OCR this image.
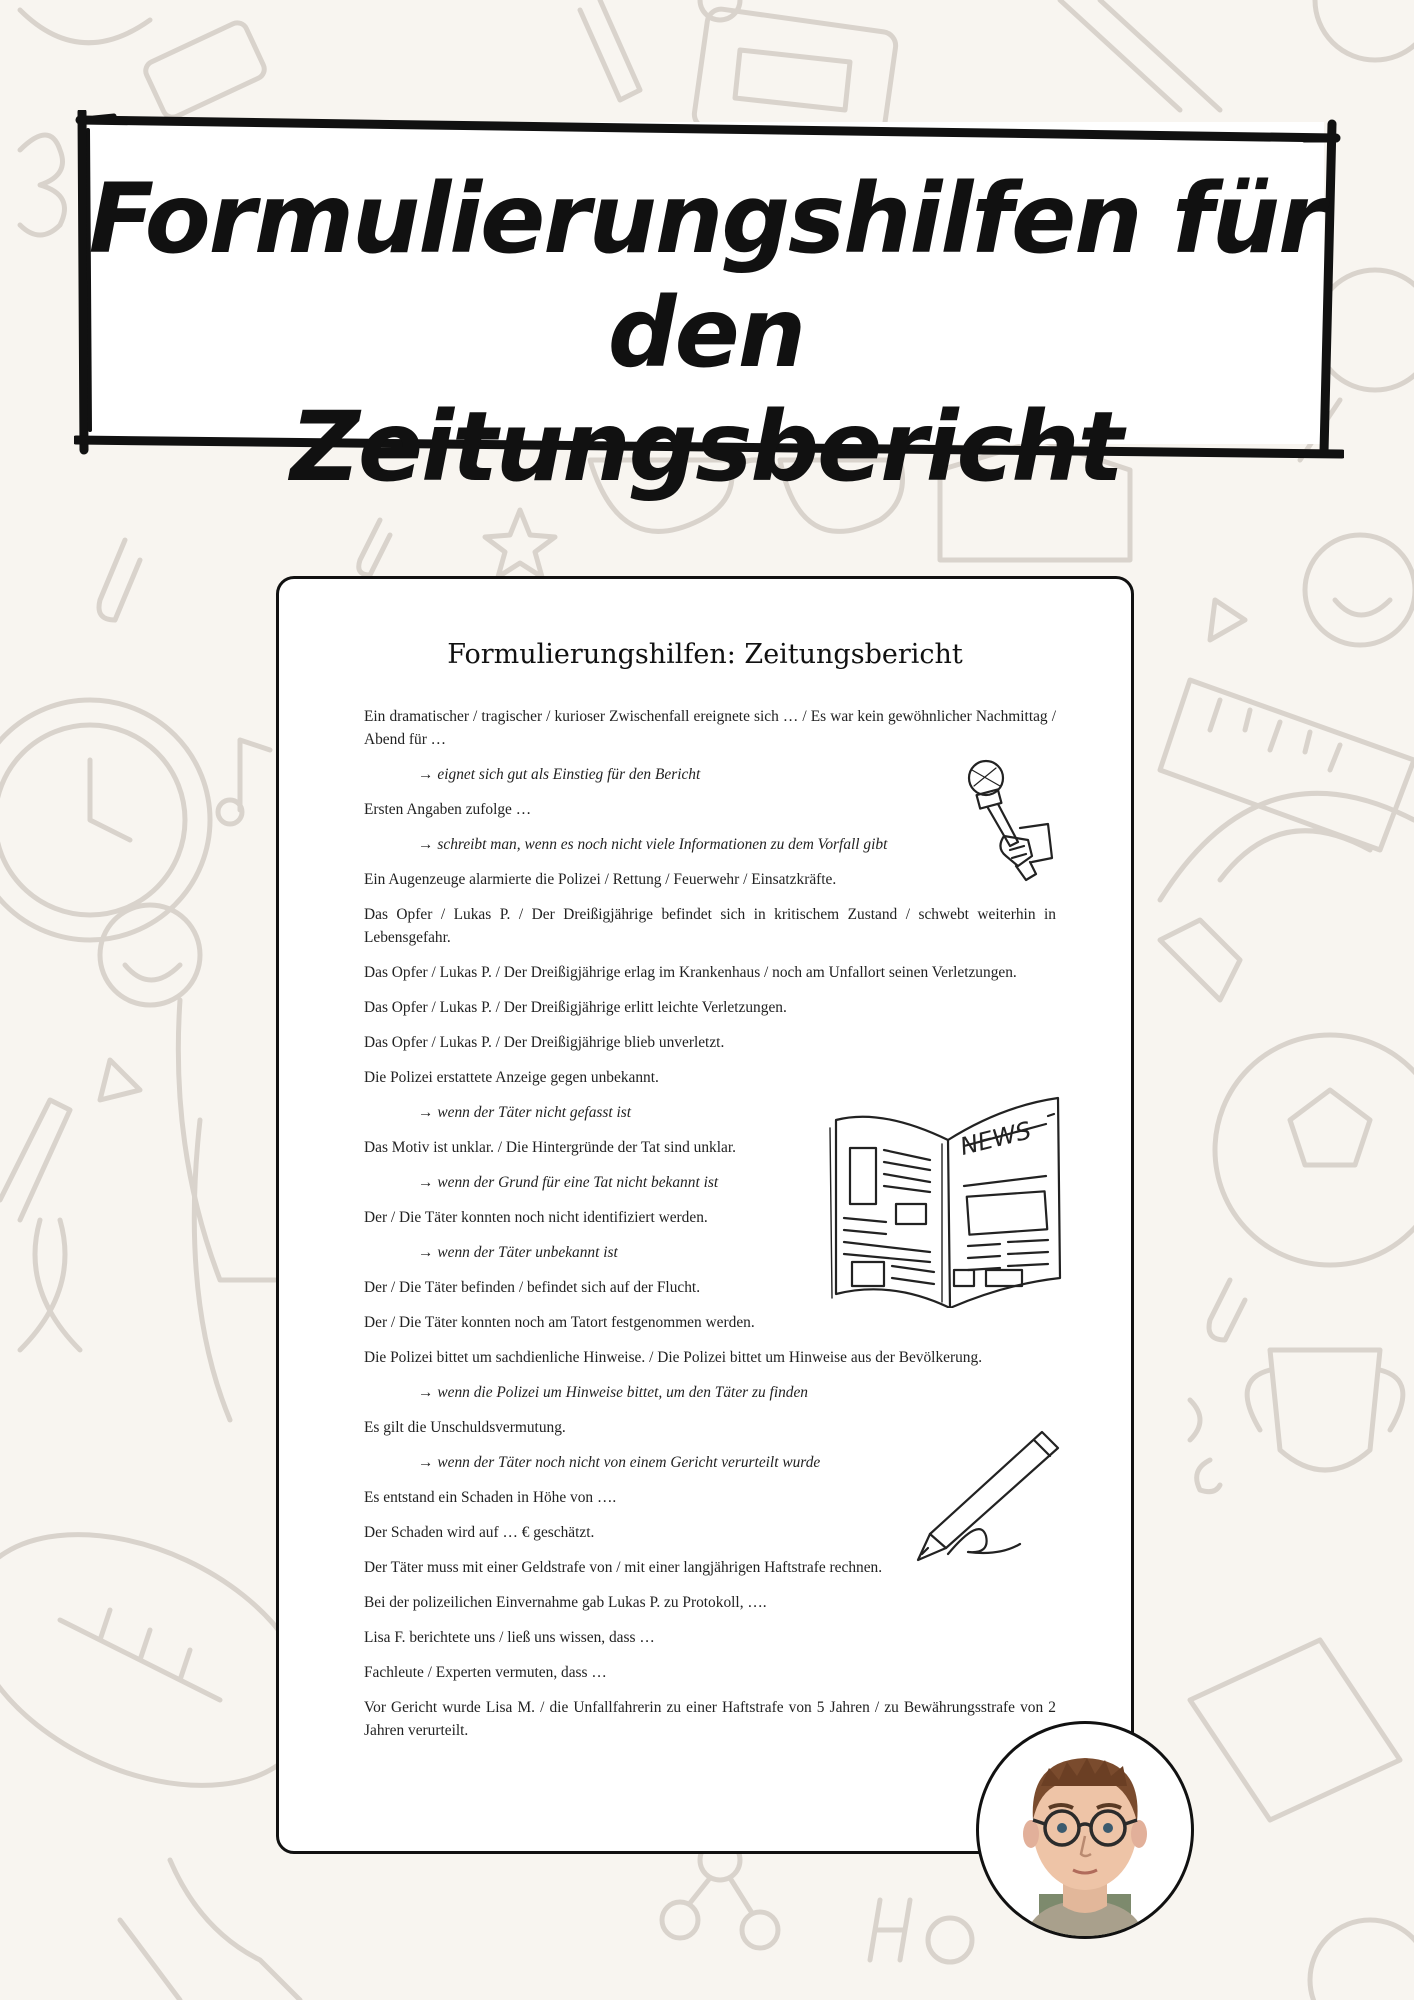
Formulierungshilfen für den
Zeitungsbericht
Formulierungshilfen: Zeitungsbericht
Ein dramatischer / tragischer / kurioser Zwischenfall ereignete sich … / Es war kein gewöhnlicher Nachmittag / Abend für …
→ eignet sich gut als Einstieg für den Bericht
Ersten Angaben zufolge …
→ schreibt man, wenn es noch nicht viele Informationen zu dem Vorfall gibt
Ein Augenzeuge alarmierte die Polizei / Rettung / Feuerwehr / Einsatzkräfte.
Das Opfer / Lukas P. / Der Dreißigjährige befindet sich in kritischem Zustand / schwebt weiterhin in Lebensgefahr.
Das Opfer / Lukas P. / Der Dreißigjährige erlag im Krankenhaus / noch am Unfallort seinen Verletzungen.
Das Opfer / Lukas P. / Der Dreißigjährige erlitt leichte Verletzungen.
Das Opfer / Lukas P. / Der Dreißigjährige blieb unverletzt.
Die Polizei erstattete Anzeige gegen unbekannt.
→ wenn der Täter nicht gefasst ist
Das Motiv ist unklar. / Die Hintergründe der Tat sind unklar.
→ wenn der Grund für eine Tat nicht bekannt ist
Der / Die Täter konnten noch nicht identifiziert werden.
→ wenn der Täter unbekannt ist
Der / Die Täter befinden / befindet sich auf der Flucht.
Der / Die Täter konnten noch am Tatort festgenommen werden.
Die Polizei bittet um sachdienliche Hinweise. / Die Polizei bittet um Hinweise aus der Bevölkerung.
→ wenn die Polizei um Hinweise bittet, um den Täter zu finden
Es gilt die Unschuldsvermutung.
→ wenn der Täter noch nicht von einem Gericht verurteilt wurde
Es entstand ein Schaden in Höhe von ….
Der Schaden wird auf … € geschätzt.
Der Täter muss mit einer Geldstrafe von / mit einer langjährigen Haftstrafe rechnen.
Bei der polizeilichen Einvernahme gab Lukas P. zu Protokoll, ….
Lisa F. berichtete uns / ließ uns wissen, dass …
Fachleute / Experten vermuten, dass …
Vor Gericht wurde Lisa M. / die Unfallfahrerin zu einer Haftstrafe von 5 Jahren / zu Bewährungsstrafe von 2 Jahren verurteilt.
NEWS
